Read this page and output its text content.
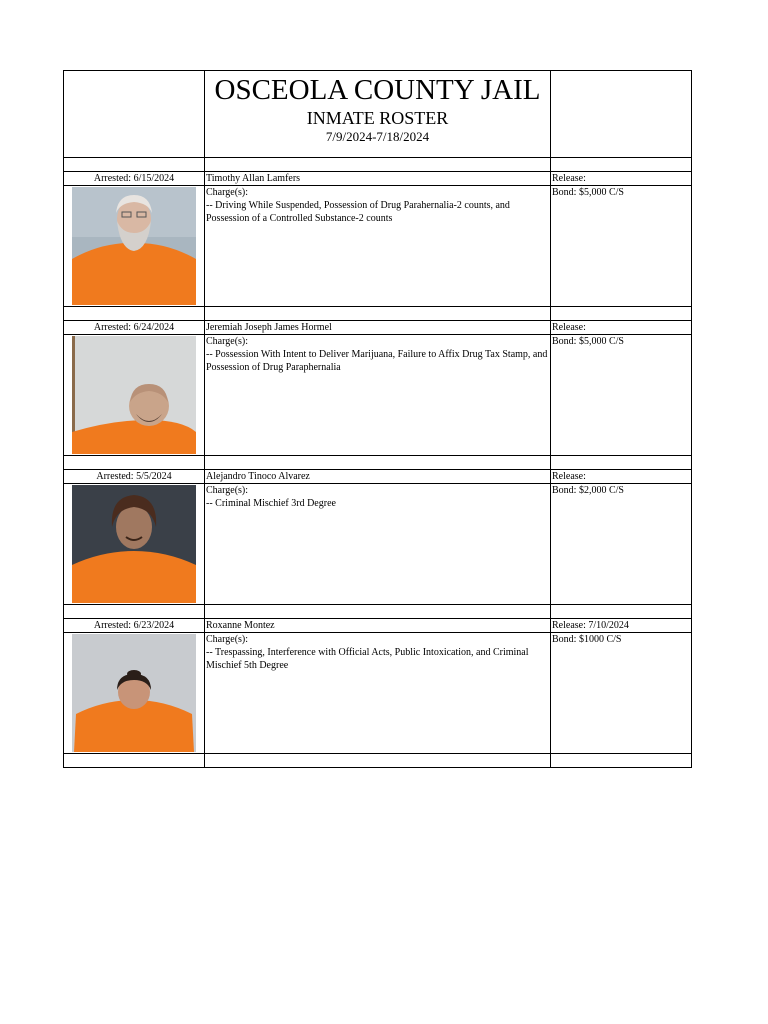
	OSCEOLA COUNTY JAIL
INMATE ROSTER
7/9/2024-7/18/2024	

Arrested: 6/15/2024	Timothy Allan Lamfers	Release:

Charge(s):
-- Driving While Suspended, Possession of Drug Parahernalia-2 counts, and Possession of a Controlled Substance-2 counts	Bond: $5,000 C/S

Arrested: 6/24/2024	Jeremiah Joseph James Hormel	Release:

Charge(s):
-- Possession With Intent to Deliver Marijuana, Failure to Affix Drug Tax Stamp, and Possession of Drug Paraphernalia	Bond: $5,000 C/S

Arrested: 5/5/2024	Alejandro Tinoco Alvarez	Release:

Charge(s):
-- Criminal Mischief 3rd Degree	Bond: $2,000 C/S

Arrested: 6/23/2024	Roxanne Montez	Release: 7/10/2024

Charge(s):
-- Trespassing, Interference with Official Acts, Public Intoxication, and Criminal Mischief 5th Degree	Bond: $1000 C/S
